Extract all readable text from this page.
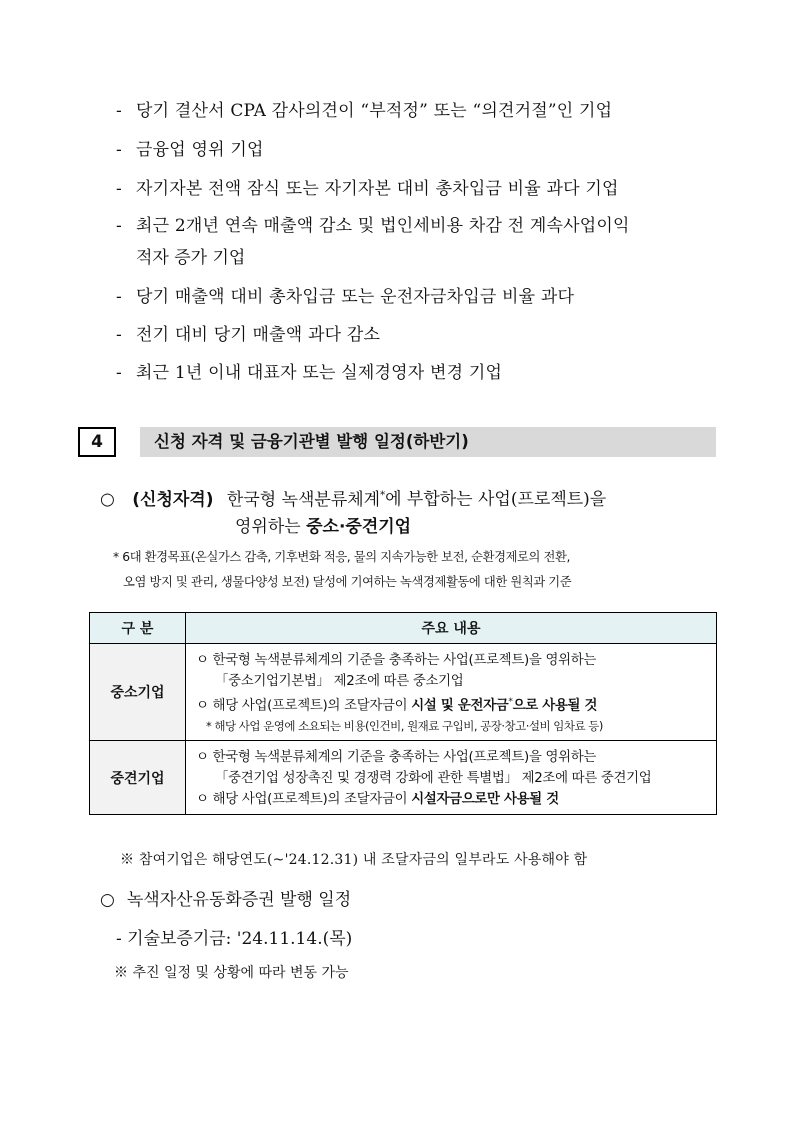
- 당기 결산서 CPA 감사의견이 “부적정” 또는 “의견거절”인 기업
- 금융업 영위 기업
- 자기자본 전액 잠식 또는 자기자본 대비 총차입금 비율 과다 기업
- 최근 2개년 연속 매출액 감소 및 법인세비용 차감 전 계속사업이익
적자 증가 기업
- 당기 매출액 대비 총차입금 또는 운전자금차입금 비율 과다
- 전기 대비 당기 매출액 과다 감소
- 최근 1년 이내 대표자 또는 실제경영자 변경 기업
4	신청 자격 및 금융기관별 발행 일정(하반기)
○ (신청자격) 한국형 녹색분류체계*에 부합하는 사업(프로젝트)을
영위하는 중소·중견기업
* 6대 환경목표(온실가스 감축, 기후변화 적응, 물의 지속가능한 보전, 순환경제로의 전환,
오염 방지 및 관리, 생물다양성 보전) 달성에 기여하는 녹색경제활동에 대한 원칙과 기준
구 분	주요 내용
중소기업	ㅇ 한국형 녹색분류체계의 기준을 충족하는 사업(프로젝트)을 영위하는
「중소기업기본법」 제2조에 따른 중소기업
ㅇ 해당 사업(프로젝트)의 조달자금이 시설 및 운전자금*으로 사용될 것
* 해당 사업 운영에 소요되는 비용(인건비, 원재료 구입비, 공장·창고·설비 임차료 등)

중견기업	ㅇ 한국형 녹색분류체계의 기준을 충족하는 사업(프로젝트)을 영위하는
「중견기업 성장촉진 및 경쟁력 강화에 관한 특별법」 제2조에 따른 중견기업
ㅇ 해당 사업(프로젝트)의 조달자금이 시설자금으로만 사용될 것
※ 참여기업은 해당연도(~'24.12.31) 내 조달자금의 일부라도 사용해야 함
○ 녹색자산유동화증권 발행 일정
- 기술보증기금: '24.11.14.(목)
※ 추진 일정 및 상황에 따라 변동 가능
